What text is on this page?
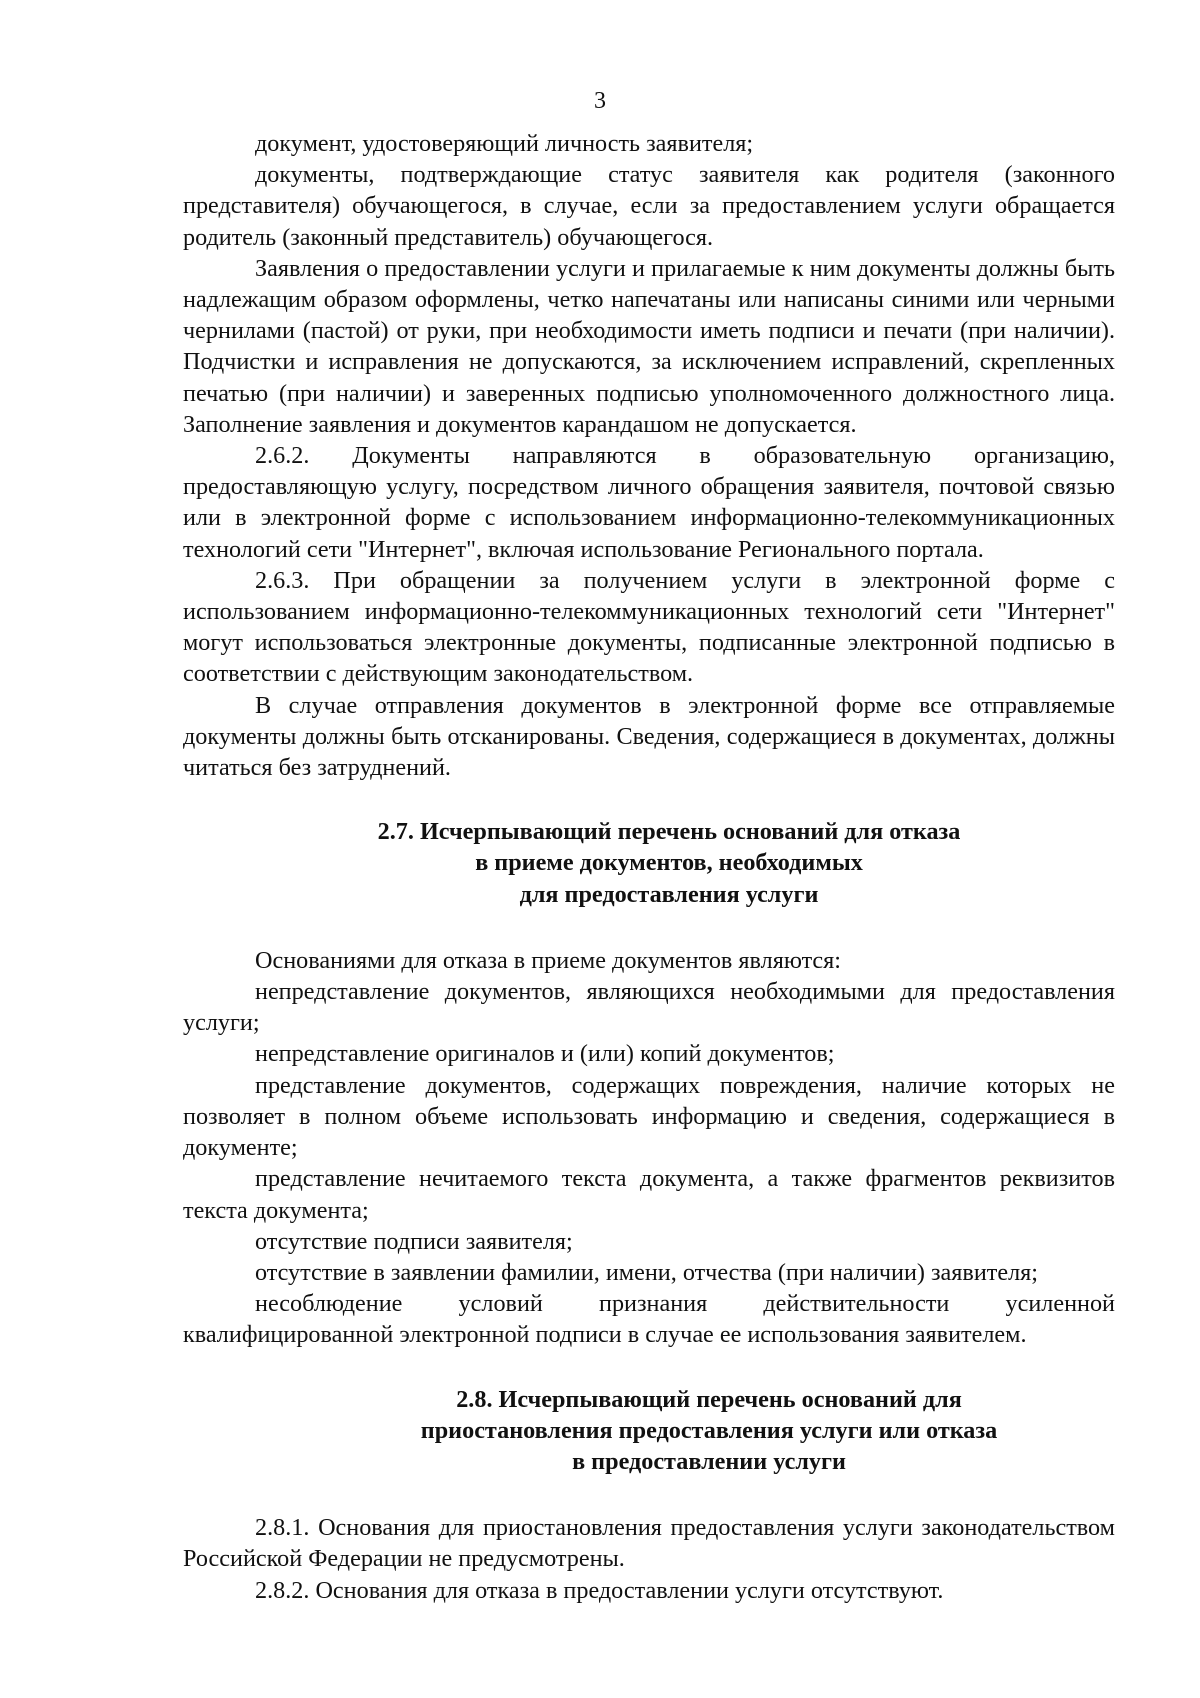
3

документ, удостоверяющий личность заявителя;

документы, подтверждающие статус заявителя как родителя (законного представителя) обучающегося, в случае, если за предоставлением услуги обращается родитель (законный представитель) обучающегося.

Заявления о предоставлении услуги и прилагаемые к ним документы должны быть надлежащим образом оформлены, четко напечатаны или написаны синими или черными чернилами (пастой) от руки, при необходимости иметь подписи и печати (при наличии). Подчистки и исправления не допускаются, за исключением исправлений, скрепленных печатью (при наличии) и заверенных подписью уполномоченного должностного лица. Заполнение заявления и документов карандашом не допускается.

2.6.2. Документы направляются в образовательную организацию, предоставляющую услугу, посредством личного обращения заявителя, почтовой связью или в электронной форме с использованием информационно-телекоммуникационных технологий сети "Интернет", включая использование Регионального портала.

2.6.3. При обращении за получением услуги в электронной форме с использованием информационно-телекоммуникационных технологий сети "Интернет" могут использоваться электронные документы, подписанные электронной подписью в соответствии с действующим законодательством.

В случае отправления документов в электронной форме все отправляемые документы должны быть отсканированы. Сведения, содержащиеся в документах, должны читаться без затруднений.

2.7. Исчерпывающий перечень оснований для отказа
в приеме документов, необходимых
для предоставления услуги

Основаниями для отказа в приеме документов являются:

непредставление документов, являющихся необходимыми для предоставления услуги;

непредставление оригиналов и (или) копий документов;

представление документов, содержащих повреждения, наличие которых не позволяет в полном объеме использовать информацию и сведения, содержащиеся в документе;

представление нечитаемого текста документа, а также фрагментов реквизитов текста документа;

отсутствие подписи заявителя;

отсутствие в заявлении фамилии, имени, отчества (при наличии) заявителя;

несоблюдение условий признания действительности усиленной квалифицированной электронной подписи в случае ее использования заявителем.

2.8. Исчерпывающий перечень оснований для
приостановления предоставления услуги или отказа
в предоставлении услуги

2.8.1. Основания для приостановления предоставления услуги законодательством Российской Федерации не предусмотрены.

2.8.2. Основания для отказа в предоставлении услуги отсутствуют.
